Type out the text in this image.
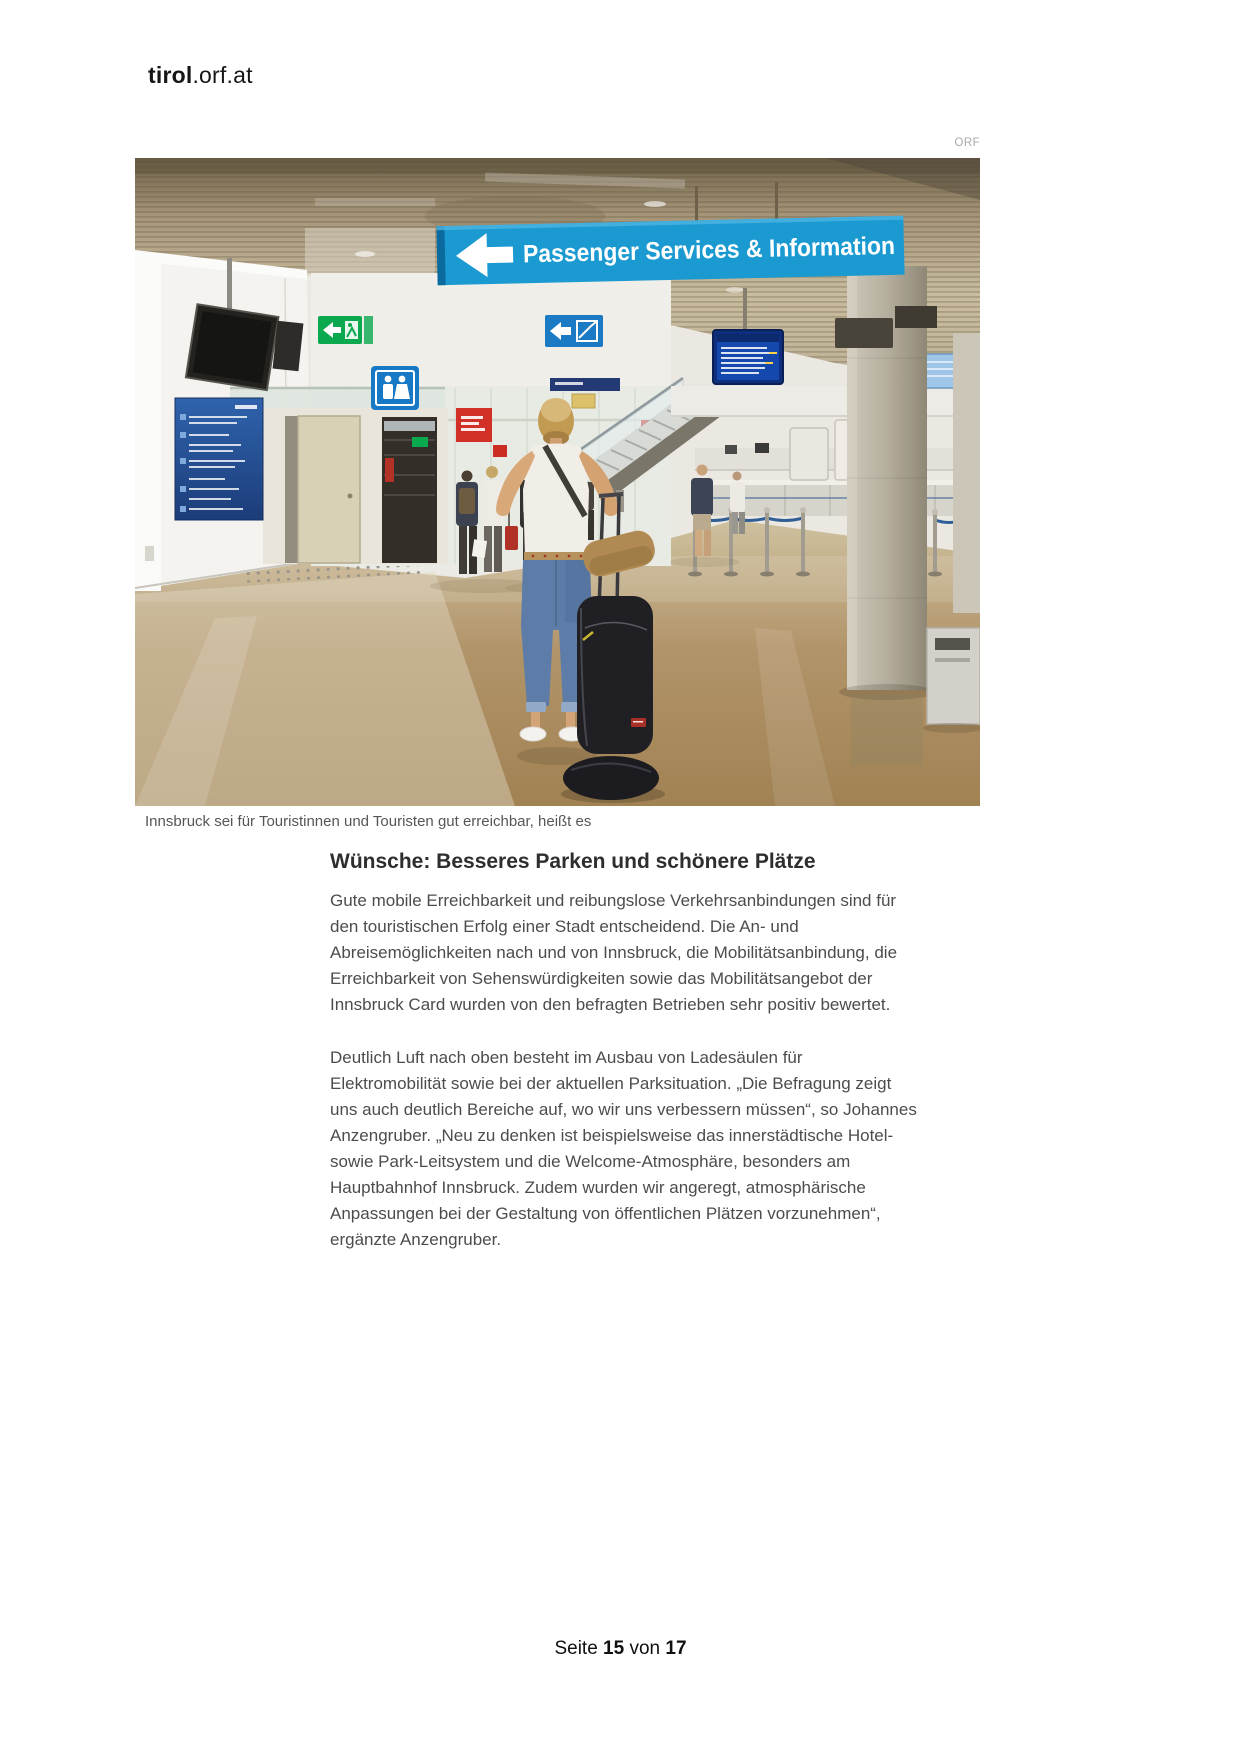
tirol.orf.at
ORF
Passenger Services & Information
Innsbruck sei für Touristinnen und Touristen gut erreichbar, heißt es
Wünsche: Besseres Parken und schönere Plätze

Gute mobile Erreichbarkeit und reibungslose Verkehrsanbindungen sind für den touristischen Erfolg einer Stadt entscheidend. Die An- und Abreisemöglichkeiten nach und von Innsbruck, die Mobilitätsanbindung, die Erreichbarkeit von Sehenswürdigkeiten sowie das Mobilitätsangebot der Innsbruck Card wurden von den befragten Betrieben sehr positiv bewertet.

Deutlich Luft nach oben besteht im Ausbau von Ladesäulen für Elektromobilität sowie bei der aktuellen Parksituation. „Die Befragung zeigt uns auch deutlich Bereiche auf, wo wir uns verbessern müssen“, so Johannes Anzengruber. „Neu zu denken ist beispielsweise das innerstädtische Hotel- sowie Park-Leitsystem und die Welcome-Atmosphäre, besonders am Hauptbahnhof Innsbruck. Zudem wurden wir angeregt, atmosphärische Anpassungen bei der Gestaltung von öffentlichen Plätzen vorzunehmen“, ergänzte Anzengruber.

Seite 15 von 17
